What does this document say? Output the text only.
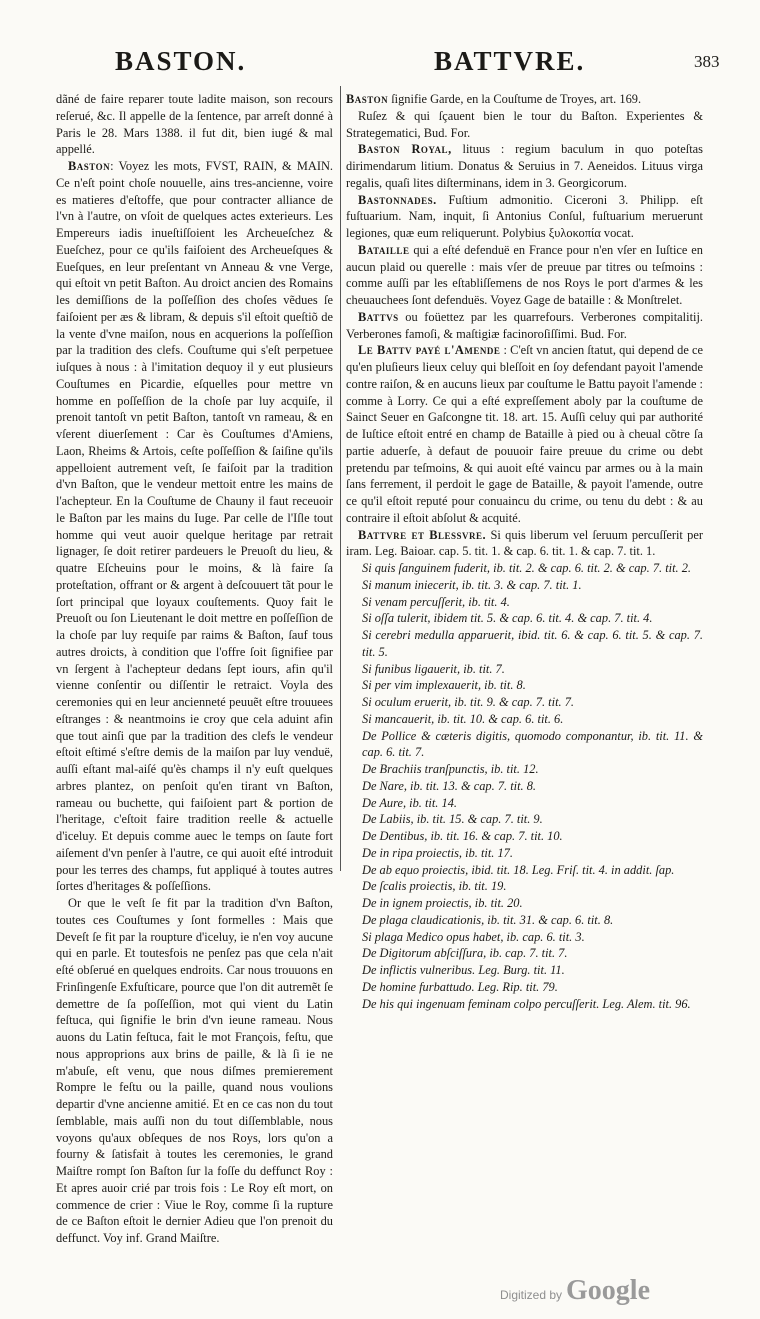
BASTON.	BATTVRE.	383

dãné de faire reparer toute ladite maison, son recours reſerué, &c. Il appelle de la ſentence, par arreſt donné à Paris le 28. Mars 1388. il fut dit, bien iugé & mal appellé.

Baston: Voyez les mots, FVST, RAIN, & MAIN. Ce n'eſt point choſe nouuelle, ains tres-ancienne, voire es matieres d'eſtoffe, que pour contracter alliance de l'vn à l'autre, on vſoit de quelques actes exterieurs. Les Empereurs iadis inueſtiſſoient les Archeueſchez & Eueſchez, pour ce qu'ils faiſoient des Archeueſques & Eueſques, en leur preſentant vn Anneau & vne Verge, qui eſtoit vn petit Baſton. Au droict ancien des Romains les demiſſions de la poſſeſſion des choſes vẽdues ſe faiſoient per æs & libram, & depuis s'il eſtoit queſtiõ de la vente d'vne maiſon, nous en acquerions la poſſeſſion par la tradition des clefs. Couſtume qui s'eſt perpetuee iuſques à nous : à l'imitation dequoy il y eut plusieurs Couſtumes en Picardie, eſquelles pour mettre vn homme en poſſeſſion de la choſe par luy acquiſe, il prenoit tantoſt vn petit Baſton, tantoſt vn rameau, & en vſerent diuerſement : Car ès Couſtumes d'Amiens, Laon, Rheims & Artois, ceſte poſſeſſion & ſaiſine qu'ils appelloient autrement veſt, ſe faiſoit par la tradition d'vn Baſton, que le vendeur mettoit entre les mains de l'achepteur. En la Couſtume de Chauny il faut receuoir le Baſton par les mains du Iuge. Par celle de l'Iſle tout homme qui veut auoir quelque heritage par retrait lignager, ſe doit retirer pardeuers le Preuoſt du lieu, & quatre Eſcheuins pour le moins, & là faire ſa proteſtation, offrant or & argent à deſcouuert tãt pour le ſort principal que loyaux couſtements. Quoy fait le Preuoſt ou ſon Lieutenant le doit mettre en poſſeſſion de la choſe par luy requiſe par raims & Baſton, ſauf tous autres droicts, à condition que l'offre ſoit ſignifiee par vn ſergent à l'achepteur dedans ſept iours, afin qu'il vienne conſentir ou diſſentir le retraict. Voyla des ceremonies qui en leur ancienneté peuuẽt eſtre trouuees eſtranges : & neantmoins ie croy que cela aduint afin que tout ainſi que par la tradition des clefs le vendeur eſtoit eſtimé s'eſtre demis de la maiſon par luy venduë, auſſi eſtant mal-aiſé qu'ès champs il n'y euſt quelques arbres plantez, on penſoit qu'en tirant vn Baſton, rameau ou buchette, qui faiſoient part & portion de l'heritage, c'eſtoit faire tradition reelle & actuelle d'iceluy. Et depuis comme auec le temps on ſaute fort aiſement d'vn penſer à l'autre, ce qui auoit eſté introduit pour les terres des champs, fut appliqué à toutes autres ſortes d'heritages & poſſeſſions.

Or que le veſt ſe fit par la tradition d'vn Baſton, toutes ces Couſtumes y ſont formelles : Mais que Deveſt ſe fit par la roupture d'iceluy, ie n'en voy aucune qui en parle. Et toutesfois ne penſez pas que cela n'ait eſté obſerué en quelques endroits. Car nous trouuons en Frinſingenſe Exfuſticare, pource que l'on dit autremẽt ſe demettre de ſa poſſeſſion, mot qui vient du Latin feſtuca, qui ſignifie le brin d'vn ieune rameau. Nous auons du Latin feſtuca, fait le mot François, feſtu, que nous approprions aux brins de paille, & là ſi ie ne m'abuſe, eſt venu, que nous diſmes premierement Rompre le feſtu ou la paille, quand nous voulions departir d'vne ancienne amitié. Et en ce cas non du tout ſemblable, mais auſſi non du tout diſſemblable, nous voyons qu'aux obſeques de nos Roys, lors qu'on a fourny & ſatisfait à toutes les ceremonies, le grand Maiſtre rompt ſon Baſton ſur la foſſe du deffunct Roy : Et apres auoir crié par trois fois : Le Roy eſt mort, on commence de crier : Viue le Roy, comme ſi la rupture de ce Baſton eſtoit le dernier Adieu que l'on prenoit du deffunct. Voy inf. Grand Maiſtre.

Baston ſignifie Garde, en la Couſtume de Troyes, art. 169.

Ruſez & qui ſçauent bien le tour du Baſton. Experientes & Strategematici, Bud. For.

Baston Royal, lituus : regium baculum in quo poteſtas dirimendarum litium. Donatus & Seruius in 7. Aeneidos. Lituus virga regalis, quaſi lites diſterminans, idem in 3. Georgicorum.

Bastonnades. Fuſtium admonitio. Ciceroni 3. Philipp. eſt fuſtuarium. Nam, inquit, ſi Antonius Conſul, fuſtuarium meruerunt legiones, quæ eum reliquerunt. Polybius ξυλοκοπία vocat.

Bataille qui a eſté defenduë en France pour n'en vſer en Iuſtice en aucun plaid ou querelle : mais vſer de preuue par titres ou teſmoins : comme auſſi par les eſtabliſſemens de nos Roys le port d'armes & les cheuauchees ſont defenduës. Voyez Gage de bataille : & Monſtrelet.

Battvs ou foüettez par les quarrefours. Verberones compitalitij. Verberones famoſi, & maſtigiæ facinoroſiſſimi. Bud. For.

Le Battv payé l'Amende : C'eſt vn ancien ſtatut, qui depend de ce qu'en pluſieurs lieux celuy qui bleſſoit en ſoy defendant payoit l'amende contre raiſon, & en aucuns lieux par couſtume le Battu payoit l'amende : comme à Lorry. Ce qui a eſté expreſſement aboly par la couſtume de Sainct Seuer en Gaſcongne tit. 18. art. 15. Auſſi celuy qui par authorité de Iuſtice eſtoit entré en champ de Bataille à pied ou à cheual cõtre ſa partie aduerſe, à defaut de pouuoir faire preuue du crime ou debt pretendu par teſmoins, & qui auoit eſté vaincu par armes ou à la main ſans ferrement, il perdoit le gage de Bataille, & payoit l'amende, outre ce qu'il eſtoit reputé pour conuaincu du crime, ou tenu du debt : & au contraire il eſtoit abſolut & acquité.

Battvre et Blessvre. Si quis liberum vel ſeruum percuſſerit per iram. Leg. Baioar. cap. 5. tit. 1. & cap. 6. tit. 1. & cap. 7. tit. 1.

Si quis ſanguinem fuderit, ib. tit. 2. & cap. 6. tit. 2. & cap. 7. tit. 2.

Si manum iniecerit, ib. tit. 3. & cap. 7. tit. 1.

Si venam percuſſerit, ib. tit. 4.

Si oſſa tulerit, ibidem tit. 5. & cap. 6. tit. 4. & cap. 7. tit. 4.

Si cerebri medulla apparuerit, ibid. tit. 6. & cap. 6. tit. 5. & cap. 7. tit. 5.

Si funibus ligauerit, ib. tit. 7.

Si per vim implexauerit, ib. tit. 8.

Si oculum eruerit, ib. tit. 9. & cap. 7. tit. 7.

Si mancauerit, ib. tit. 10. & cap. 6. tit. 6.

De Pollice & cæteris digitis, quomodo componantur, ib. tit. 11. & cap. 6. tit. 7.

De Brachiis tranſpunctis, ib. tit. 12.

De Nare, ib. tit. 13. & cap. 7. tit. 8.

De Aure, ib. tit. 14.

De Labiis, ib. tit. 15. & cap. 7. tit. 9.

De Dentibus, ib. tit. 16. & cap. 7. tit. 10.

De in ripa proiectis, ib. tit. 17.

De ab equo proiectis, ibid. tit. 18. Leg. Friſ. tit. 4. in addit. ſap.

De ſcalis proiectis, ib. tit. 19.

De in ignem proiectis, ib. tit. 20.

De plaga claudicationis, ib. tit. 31. & cap. 6. tit. 8.

Si plaga Medico opus habet, ib. cap. 6. tit. 3.

De Digitorum abſciſſura, ib. cap. 7. tit. 7.

De inflictis vulneribus. Leg. Burg. tit. 11.

De homine furbattudo. Leg. Rip. tit. 79.

De his qui ingenuam feminam colpo percuſſerit. Leg. Alem. tit. 96.

Digitized by Google
